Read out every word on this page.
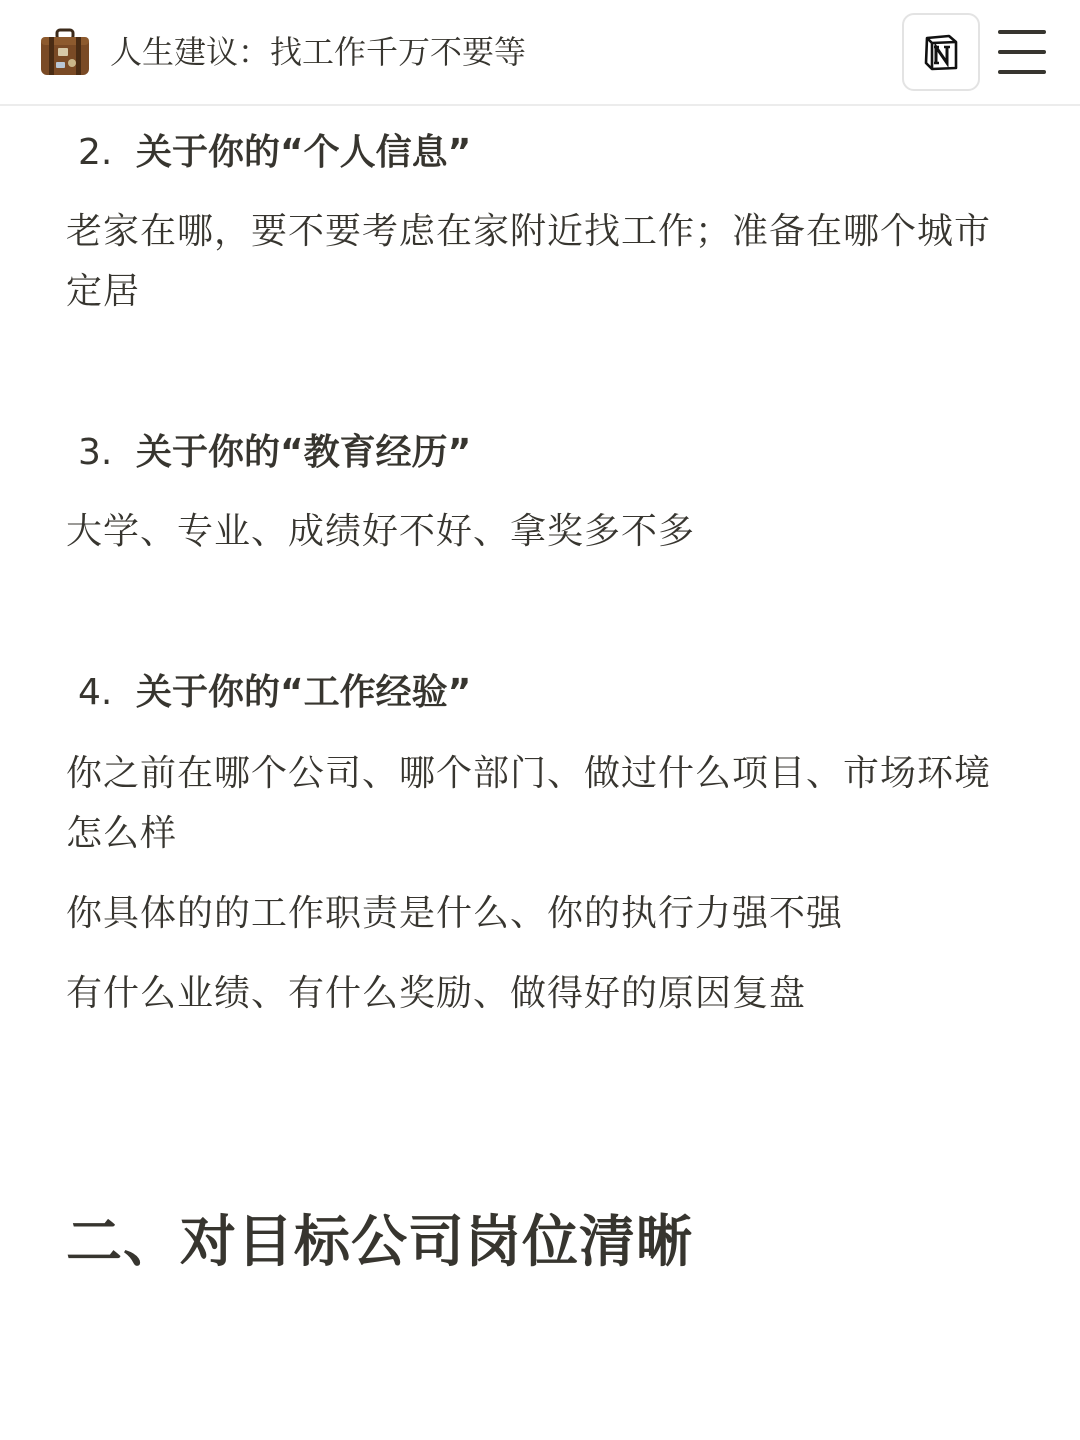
人生建议：找工作千万不要等
2. 关于你的“个人信息”
老家在哪，要不要考虑在家附近找工作；准备在哪个城市定居
3. 关于你的“教育经历”
大学、专业、成绩好不好、拿奖多不多
4. 关于你的“工作经验”
你之前在哪个公司、哪个部门、做过什么项目、市场环境怎么样
你具体的的工作职责是什么、你的执行力强不强
有什么业绩、有什么奖励、做得好的原因复盘
二、对目标公司岗位清晰
